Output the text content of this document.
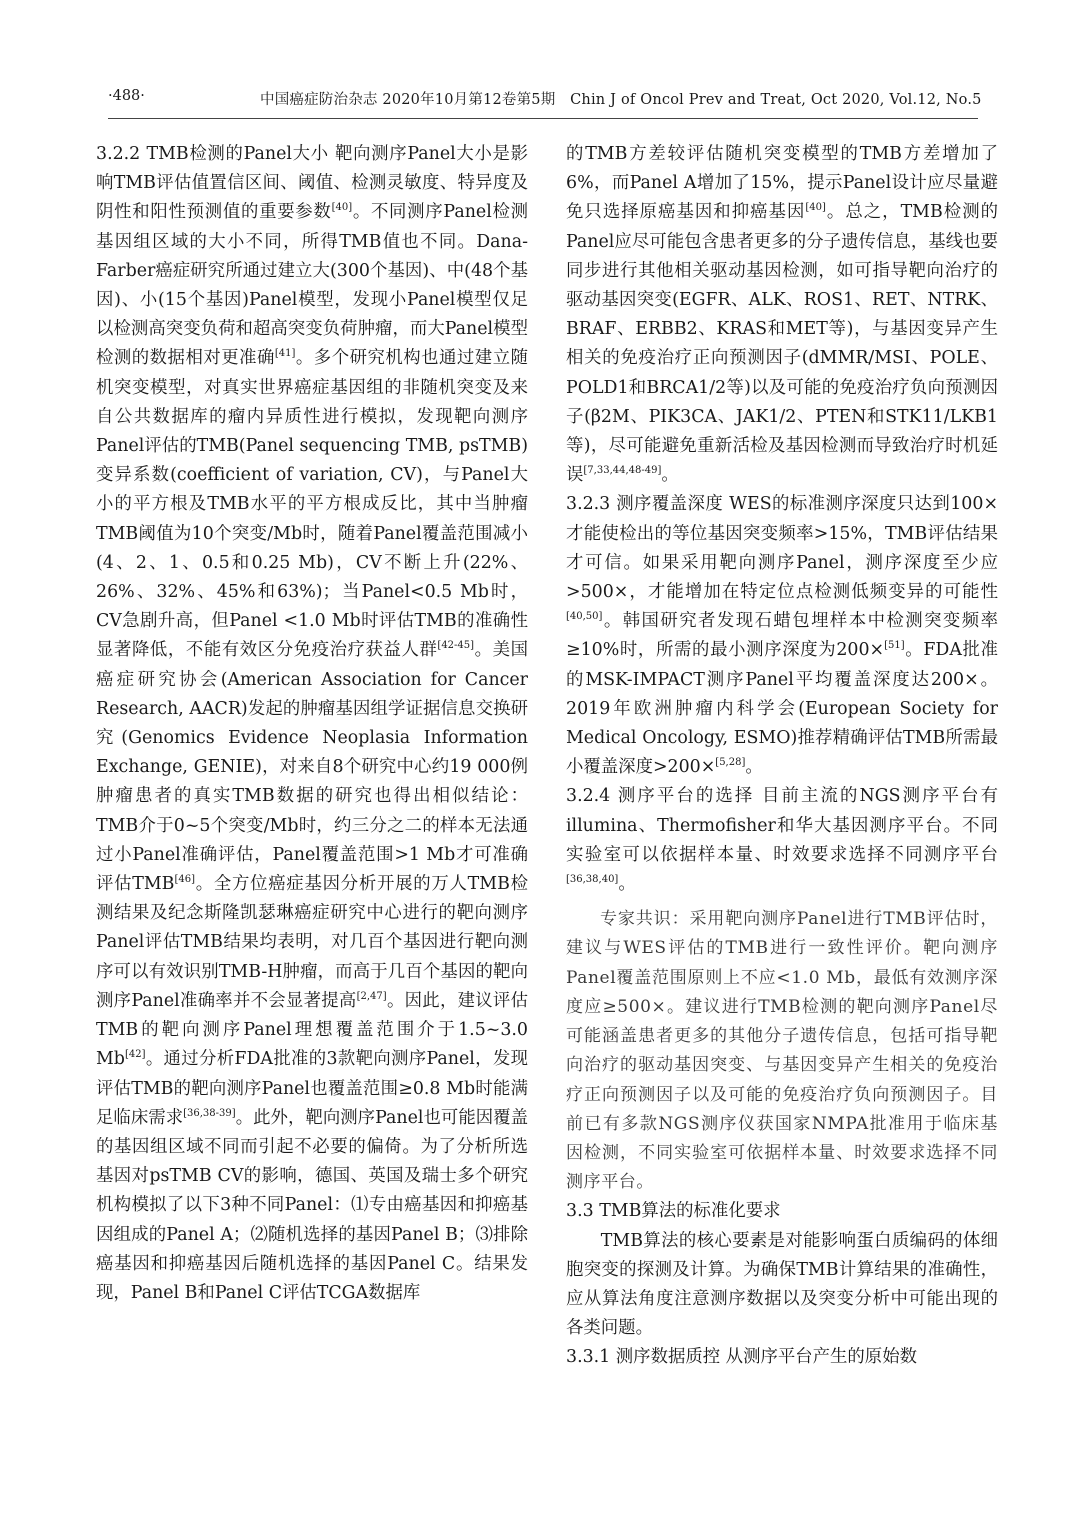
·488·	中国癌症防治杂志 2020年10月第12卷第5期　Chin J of Oncol Prev and Treat, Oct 2020, Vol.12, No.5

3.2.2 TMB检测的Panel大小 靶向测序Panel大小是影响TMB评估值置信区间、阈值、检测灵敏度、特异度及阴性和阳性预测值的重要参数[40]。不同测序Panel检测基因组区域的大小不同，所得TMB值也不同。Dana-Farber癌症研究所通过建立大(300个基因)、中(48个基因)、小(15个基因)Panel模型，发现小Panel模型仅足以检测高突变负荷和超高突变负荷肿瘤，而大Panel模型检测的数据相对更准确[41]。多个研究机构也通过建立随机突变模型，对真实世界癌症基因组的非随机突变及来自公共数据库的瘤内异质性进行模拟，发现靶向测序Panel评估的TMB(Panel sequencing TMB, psTMB)变异系数(coefficient of variation, CV)，与Panel大小的平方根及TMB水平的平方根成反比，其中当肿瘤TMB阈值为10个突变/Mb时，随着Panel覆盖范围减小(4、2、1、0.5和0.25 Mb)，CV不断上升(22%、26%、32%、45%和63%)；当Panel<0.5 Mb时，CV急剧升高，但Panel <1.0 Mb时评估TMB的准确性显著降低，不能有效区分免疫治疗获益人群[42-45]。美国癌症研究协会(American Association for Cancer Research, AACR)发起的肿瘤基因组学证据信息交换研究(Genomics Evidence Neoplasia Information Exchange, GENIE)，对来自8个研究中心约19 000例肿瘤患者的真实TMB数据的研究也得出相似结论：TMB介于0~5个突变/Mb时，约三分之二的样本无法通过小Panel准确评估，Panel覆盖范围>1 Mb才可准确评估TMB[46]。全方位癌症基因分析开展的万人TMB检测结果及纪念斯隆凯瑟琳癌症研究中心进行的靶向测序Panel评估TMB结果均表明，对几百个基因进行靶向测序可以有效识别TMB-H肿瘤，而高于几百个基因的靶向测序Panel准确率并不会显著提高[2,47]。因此，建议评估TMB的靶向测序Panel理想覆盖范围介于1.5~3.0 Mb[42]。通过分析FDA批准的3款靶向测序Panel，发现评估TMB的靶向测序Panel也覆盖范围≥0.8 Mb时能满足临床需求[36,38-39]。此外，靶向测序Panel也可能因覆盖的基因组区域不同而引起不必要的偏倚。为了分析所选基因对psTMB CV的影响，德国、英国及瑞士多个研究机构模拟了以下3种不同Panel：⑴专由癌基因和抑癌基因组成的Panel A；⑵随机选择的基因Panel B；⑶排除癌基因和抑癌基因后随机选择的基因Panel C。结果发现，Panel B和Panel C评估TCGA数据库

的TMB方差较评估随机突变模型的TMB方差增加了6%，而Panel A增加了15%，提示Panel设计应尽量避免只选择原癌基因和抑癌基因[40]。总之，TMB检测的Panel应尽可能包含患者更多的分子遗传信息，基线也要同步进行其他相关驱动基因检测，如可指导靶向治疗的驱动基因突变(EGFR、ALK、ROS1、RET、NTRK、BRAF、ERBB2、KRAS和MET等)，与基因变异产生相关的免疫治疗正向预测因子(dMMR/MSI、POLE、POLD1和BRCA1/2等)以及可能的免疫治疗负向预测因子(β2M、PIK3CA、JAK1/2、PTEN和STK11/LKB1等)，尽可能避免重新活检及基因检测而导致治疗时机延误[7,33,44,48-49]。

3.2.3 测序覆盖深度 WES的标准测序深度只达到100×才能使检出的等位基因突变频率>15%，TMB评估结果才可信。如果采用靶向测序Panel，测序深度至少应>500×，才能增加在特定位点检测低频变异的可能性[40,50]。韩国研究者发现石蜡包埋样本中检测突变频率≥10%时，所需的最小测序深度为200×[51]。FDA批准的MSK-IMPACT测序Panel平均覆盖深度达200×。2019年欧洲肿瘤内科学会(European Society for Medical Oncology, ESMO)推荐精确评估TMB所需最小覆盖深度>200×[5,28]。

3.2.4 测序平台的选择 目前主流的NGS测序平台有illumina、Thermofisher和华大基因测序平台。不同实验室可以依据样本量、时效要求选择不同测序平台[36,38,40]。

专家共识：采用靶向测序Panel进行TMB评估时，建议与WES评估的TMB进行一致性评价。靶向测序Panel覆盖范围原则上不应<1.0 Mb，最低有效测序深度应≥500×。建议进行TMB检测的靶向测序Panel尽可能涵盖患者更多的其他分子遗传信息，包括可指导靶向治疗的驱动基因突变、与基因变异产生相关的免疫治疗正向预测因子以及可能的免疫治疗负向预测因子。目前已有多款NGS测序仪获国家NMPA批准用于临床基因检测，不同实验室可依据样本量、时效要求选择不同测序平台。

3.3 TMB算法的标准化要求

TMB算法的核心要素是对能影响蛋白质编码的体细胞突变的探测及计算。为确保TMB计算结果的准确性，应从算法角度注意测序数据以及突变分析中可能出现的各类问题。

3.3.1 测序数据质控 从测序平台产生的原始数
